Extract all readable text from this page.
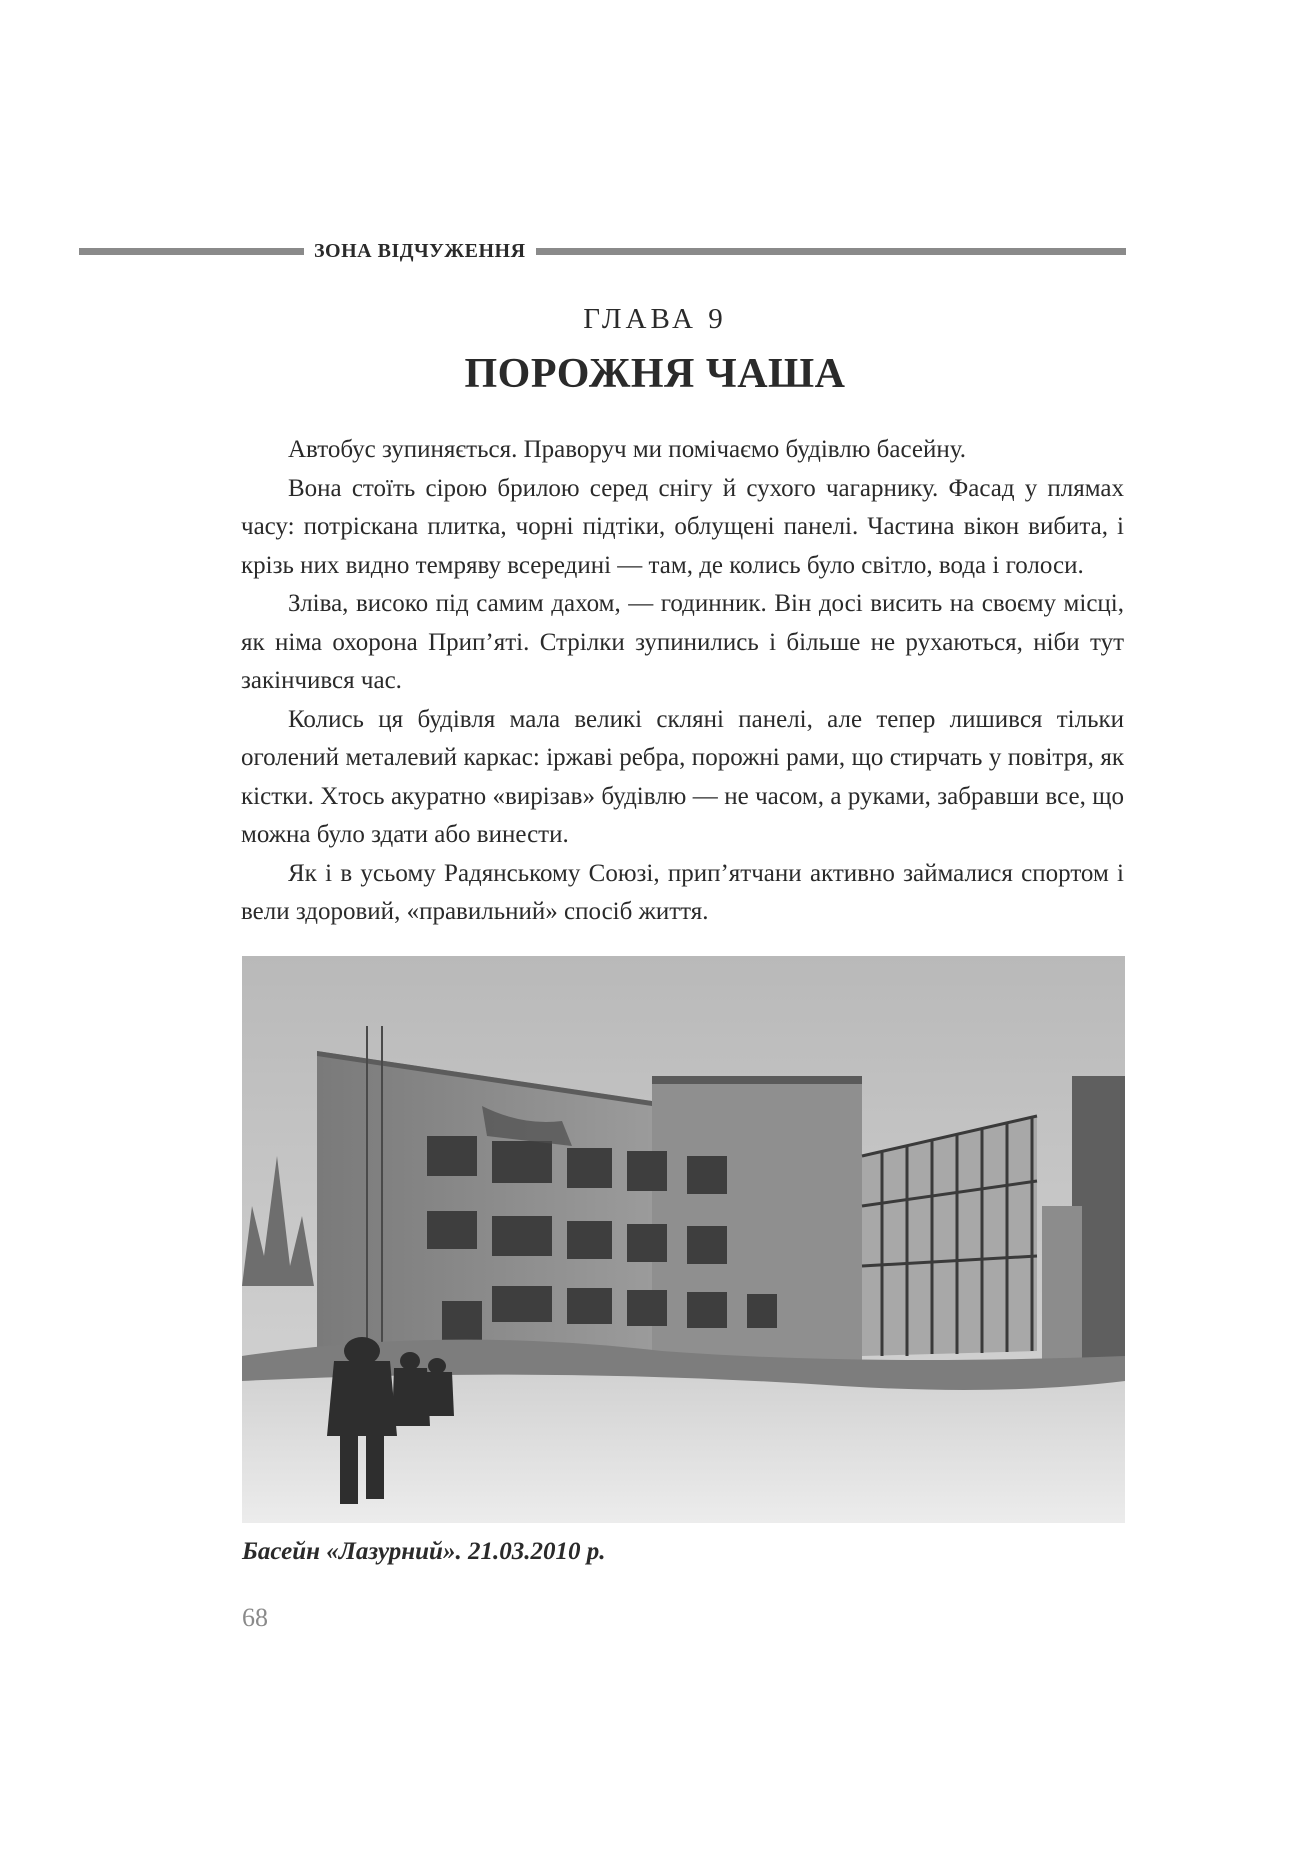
ЗОНА ВІДЧУЖЕННЯ
ГЛАВА 9
ПОРОЖНЯ ЧАША

Автобус зупиняється. Праворуч ми помічаємо будівлю басейну.

Вона стоїть сірою брилою серед снігу й сухого чагарнику. Фасад у плямах часу: потріскана плитка, чорні підтіки, облущені панелі. Частина вікон вибита, і крізь них видно темряву всередині — там, де колись було світло, вода і голоси.

Зліва, високо під самим дахом, — годинник. Він досі висить на своєму місці, як німа охорона Прип’яті. Стрілки зупинились і більше не рухаються, ніби тут закінчився час.

Колись ця будівля мала великі скляні панелі, але тепер лишився тільки оголений металевий каркас: іржаві ребра, порожні рами, що стирчать у повітря, як кістки. Хтось акуратно «вирізав» будівлю — не часом, а руками, забравши все, що можна було здати або винести.

Як і в усьому Радянському Союзі, прип’ятчани активно займалися спортом і вели здоровий, «правильний» спосіб життя.

Басейн «Лазурний». 21.03.2010 р.
68
